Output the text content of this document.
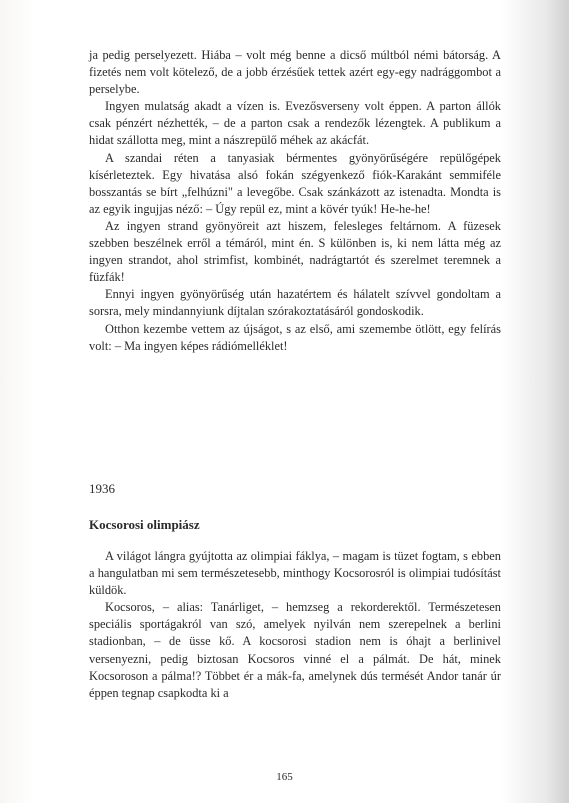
ja pedig perselyezett. Hiába – volt még benne a dicső múltból némi bátorság. A fizetés nem volt kötelező, de a jobb érzésűek tettek azért egy-egy nadrággombot a perselybe.

Ingyen mulatság akadt a vízen is. Evezősverseny volt éppen. A parton állók csak pénzért nézhették, – de a parton csak a rendezők lézengtek. A publikum a hidat szállotta meg, mint a nászrepülő méhek az akácfát.

A szandai réten a tanyasiak bérmentes gyönyörűségére repülőgépek kísérleteztek. Egy hivatása alsó fokán szégyenkező fiók-Karakánt semmiféle bosszantás se bírt „felhúzni" a levegőbe. Csak szánkázott az istenadta. Mondta is az egyik ingujjas néző: – Úgy repül ez, mint a kövér tyúk! He-he-he!

Az ingyen strand gyönyöreit azt hiszem, felesleges feltárnom. A füzesek szebben beszélnek erről a témáról, mint én. S különben is, ki nem látta még az ingyen strandot, ahol strimfist, kombinét, nadrágtartót és szerelmet teremnek a füzfák!

Ennyi ingyen gyönyörűség után hazatértem és hálatelt szívvel gondoltam a sorsra, mely mindannyiunk díjtalan szórakoztatásáról gondoskodik.

Otthon kezembe vettem az újságot, s az első, ami szemembe ötlött, egy felírás volt: – Ma ingyen képes rádiómelléklet!

1936

Kocsorosi olimpiász

A világot lángra gyújtotta az olimpiai fáklya, – magam is tüzet fogtam, s ebben a hangulatban mi sem természetesebb, minthogy Kocsorosról is olimpiai tudósítást küldök.

Kocsoros, – alias: Tanárliget, – hemzseg a rekorderektől. Természetesen speciális sportágakról van szó, amelyek nyilván nem szerepelnek a berlini stadionban, – de üsse kő. A kocsorosi stadion nem is óhajt a berlinivel versenyezni, pedig biztosan Kocsoros vinné el a pálmát. De hát, minek Kocsoroson a pálma!? Többet ér a mák-fa, amelynek dús termését Andor tanár úr éppen tegnap csapkodta ki a

165
